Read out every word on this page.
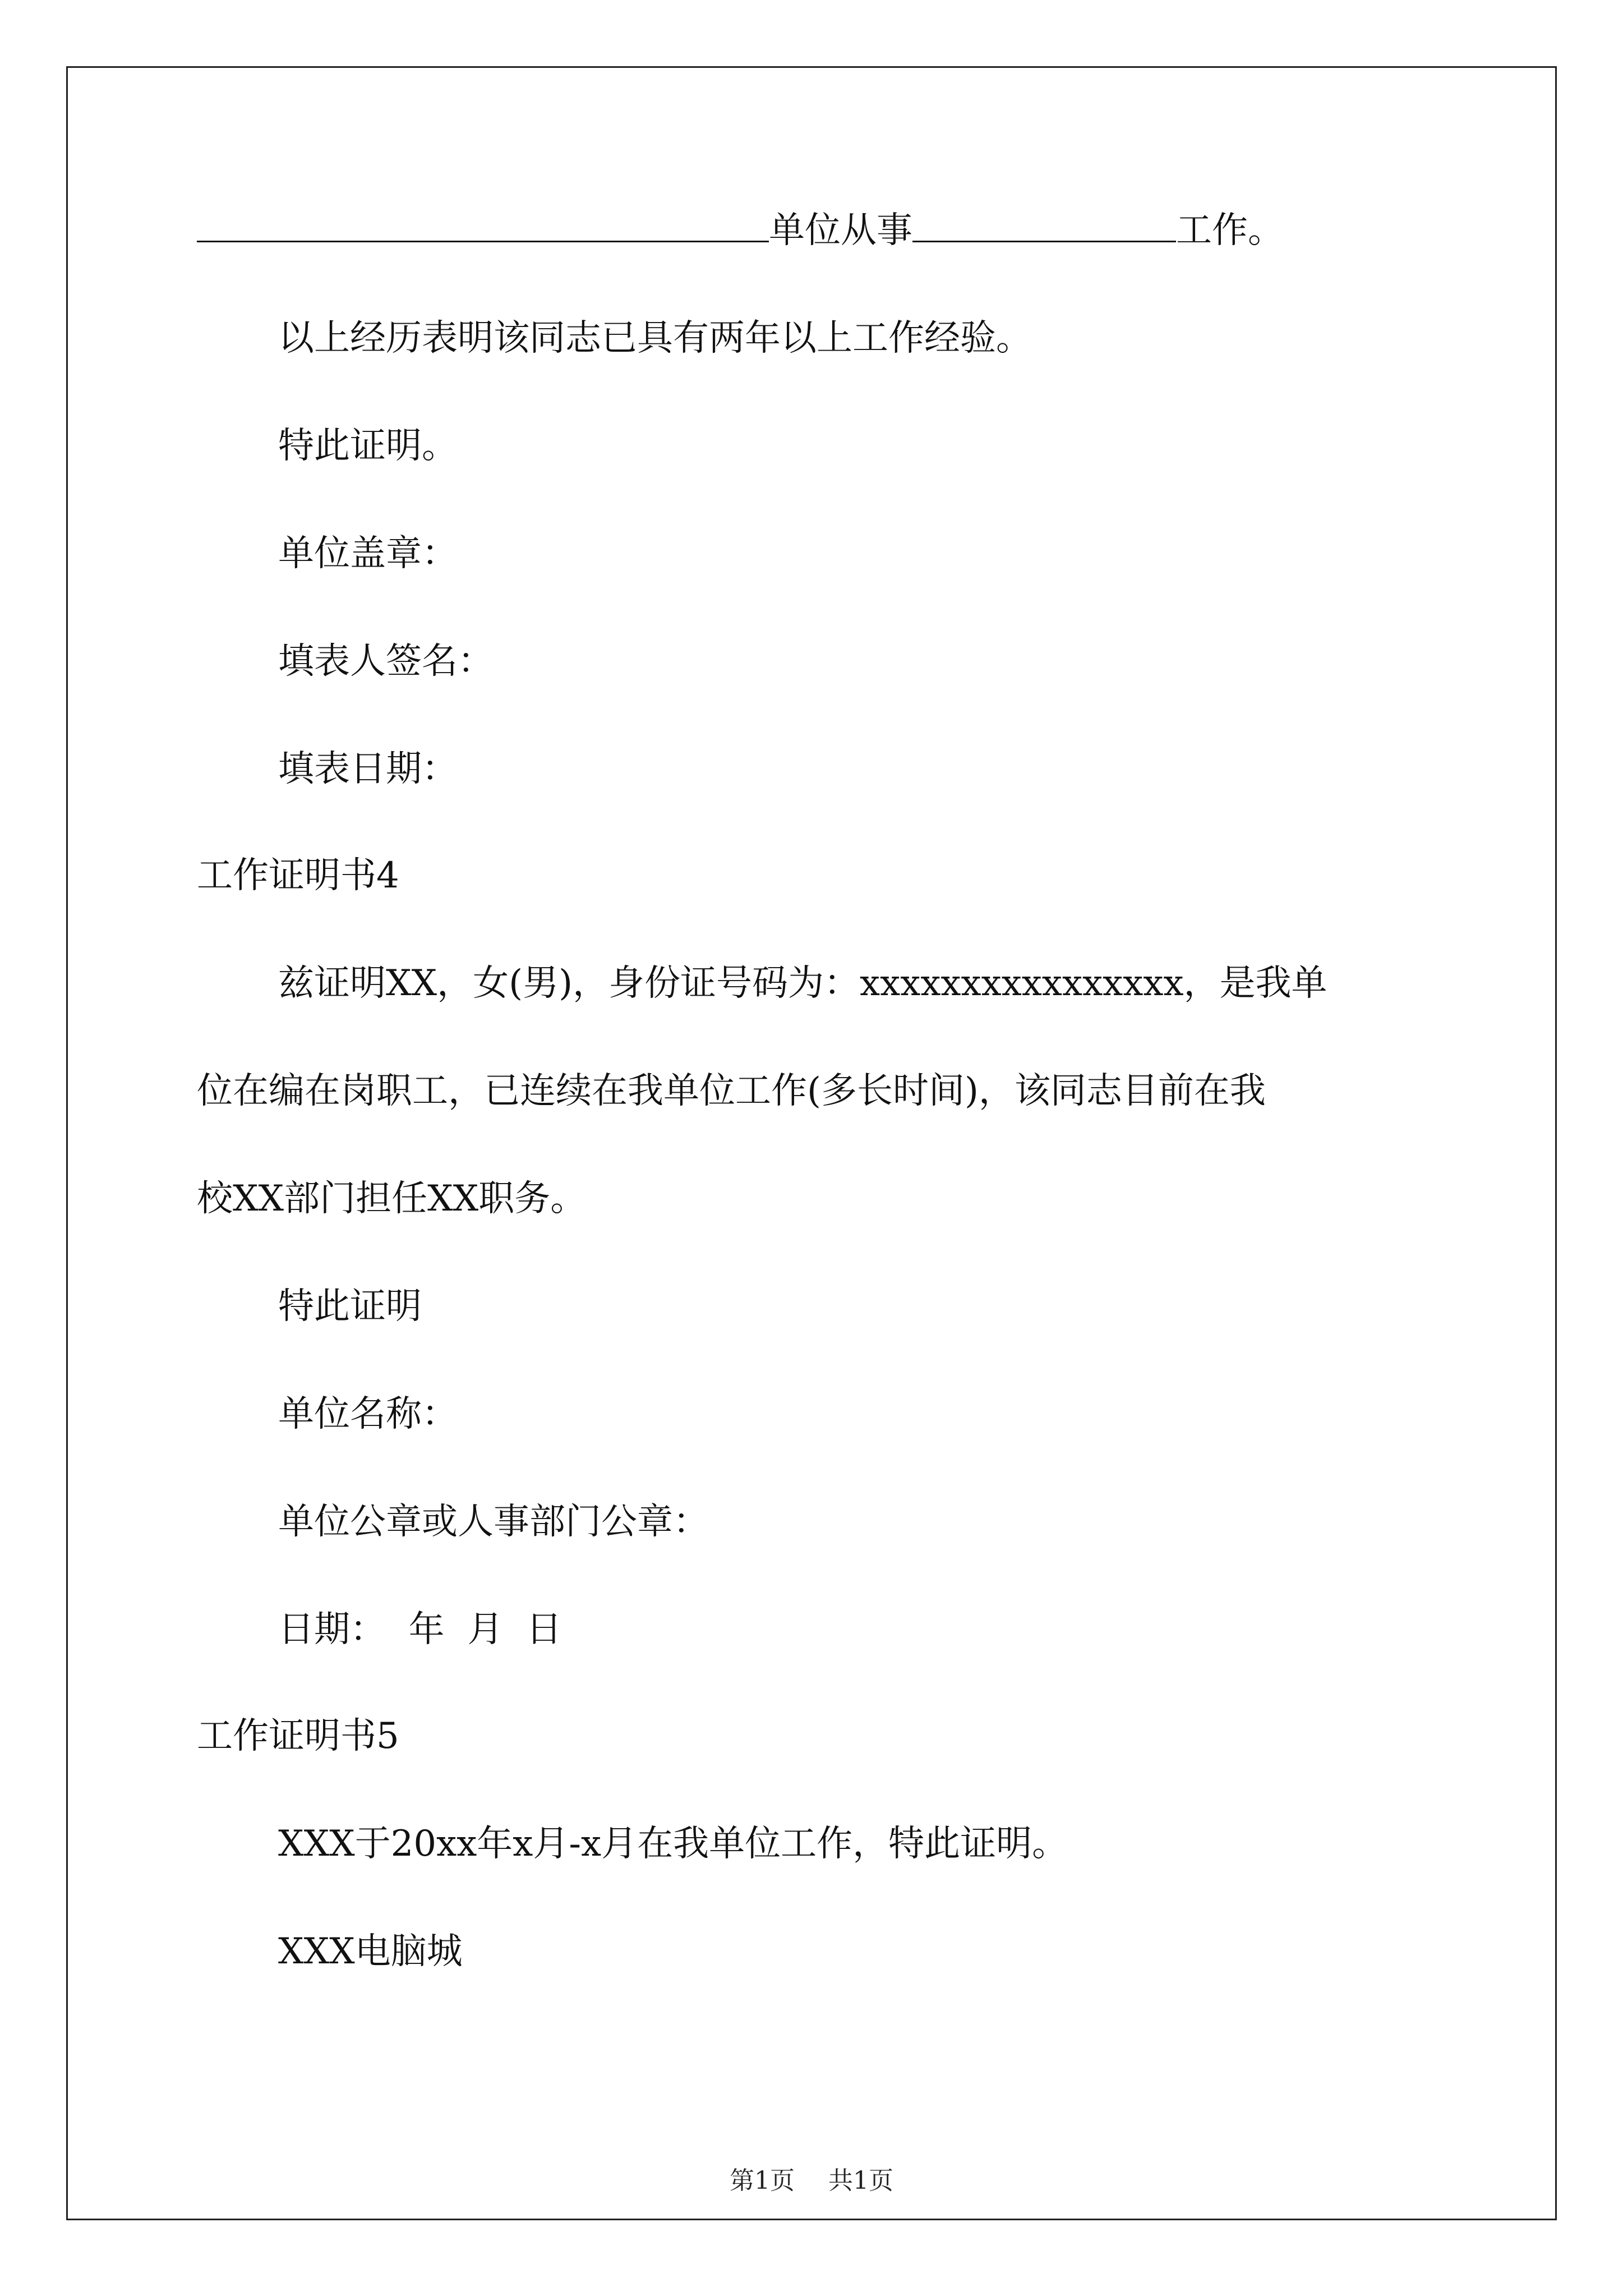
单位从事	工作。
以上经历表明该同志已具有两年以上工作经验。
特此证明。
单位盖章：
填表人签名：
填表日期：
工作证明书4
兹证明XX，女(男)，身份证号码为：xxxxxxxxxxxxxxxx，是我单
位在编在岗职工，已连续在我单位工作(多长时间)，该同志目前在我
校XX部门担任XX职务。
特此证明
单位名称：
单位公章或人事部门公章：
日期：  年  月  日
工作证明书5
XXX于20xx年x月-x月在我单位工作，特此证明。
XXX电脑城
第1页 共1页
